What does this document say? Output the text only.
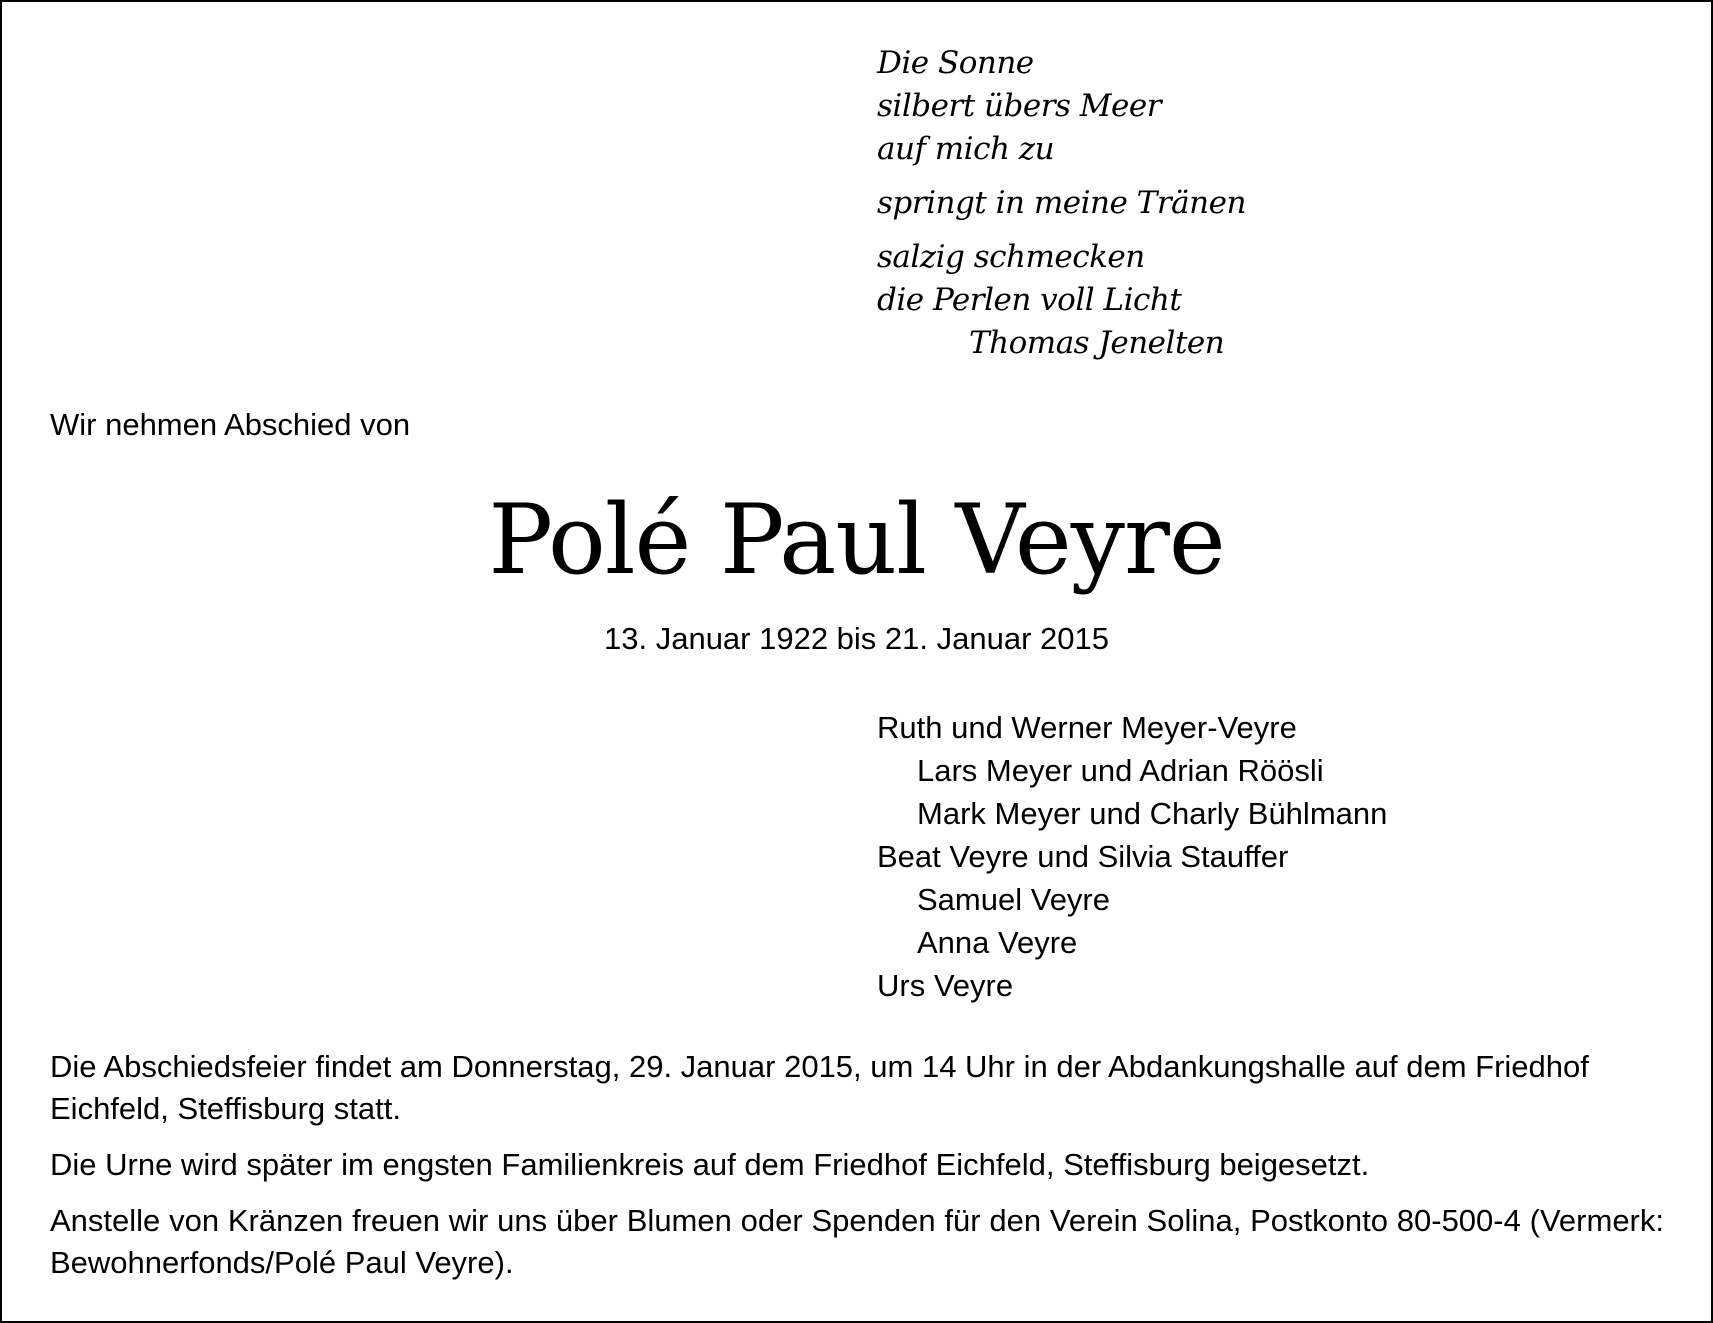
Die Sonne
silbert übers Meer
auf mich zu
springt in meine Tränen
salzig schmecken
die Perlen voll Licht
Thomas Jenelten
Wir nehmen Abschied von
Polé Paul Veyre
13. Januar 1922 bis 21. Januar 2015
Ruth und Werner Meyer-Veyre
Lars Meyer und Adrian Röösli
Mark Meyer und Charly Bühlmann
Beat Veyre und Silvia Stauffer
Samuel Veyre
Anna Veyre
Urs Veyre

Die Abschiedsfeier findet am Donnerstag, 29. Januar 2015, um 14 Uhr in der Abdankungshalle auf dem Friedhof Eichfeld, Steffisburg statt.

Die Urne wird später im engsten Familienkreis auf dem Friedhof Eichfeld, Steffisburg beigesetzt.

Anstelle von Kränzen freuen wir uns über Blumen oder Spenden für den Verein Solina, Postkonto 80-500-4 (Vermerk: Bewohnerfonds/Polé Paul Veyre).
